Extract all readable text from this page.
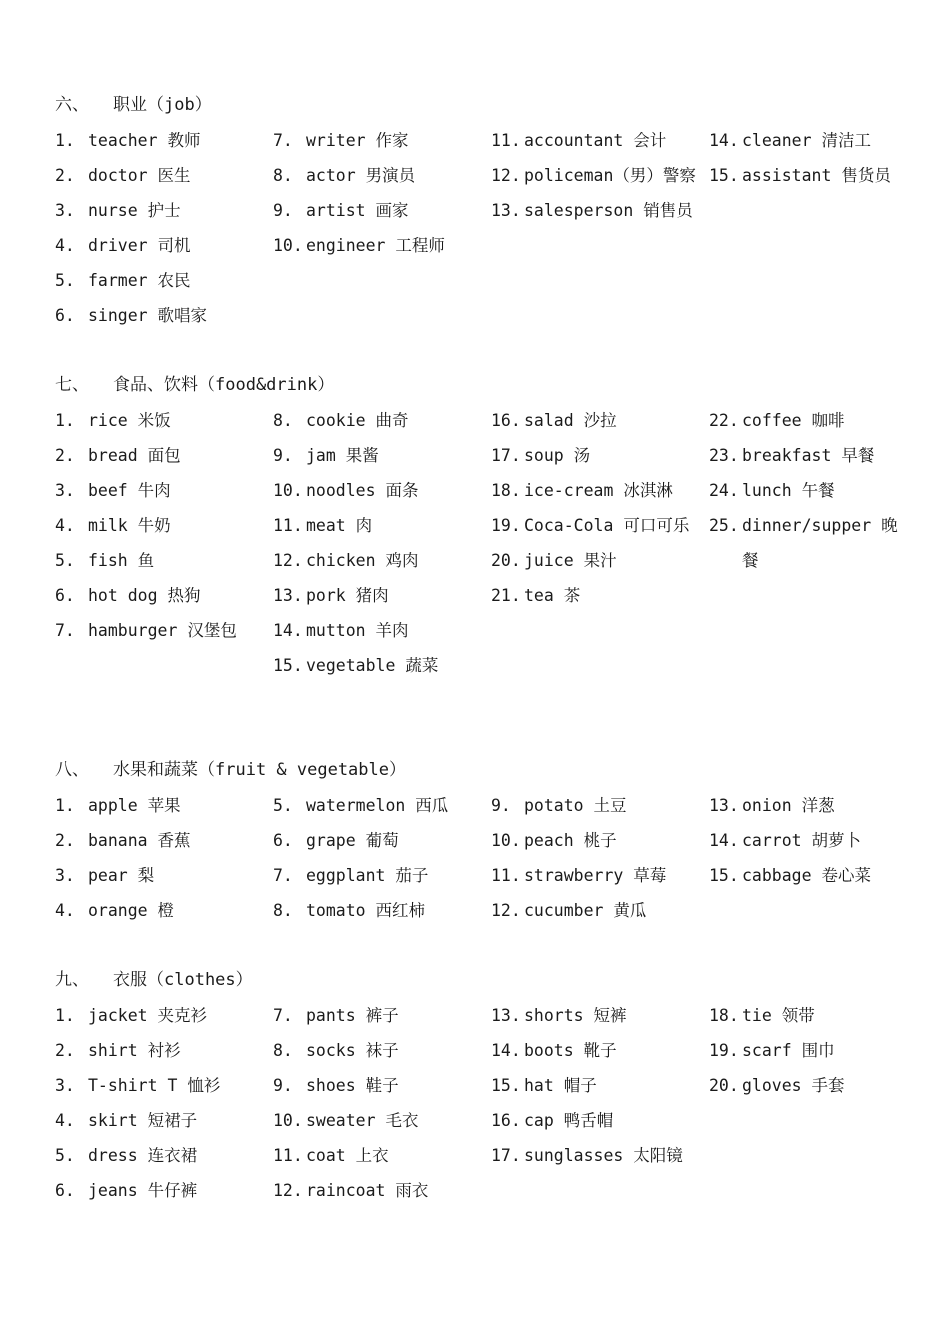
六、 职业（job）
1. teacher 教师
2. doctor 医生
3. nurse 护士
4. driver 司机
5. farmer 农民
6. singer 歌唱家
7. writer 作家
8. actor 男演员
9. artist 画家
10. engineer 工程师
11. accountant 会计
12. policeman（男）警察
13. salesperson 销售员
14. cleaner 清洁工
15. assistant 售货员
七、 食品、饮料（food&drink）
1. rice 米饭
2. bread 面包
3. beef 牛肉
4. milk 牛奶
5. fish 鱼
6. hot dog 热狗
7. hamburger 汉堡包
8. cookie 曲奇
9. jam 果酱
10. noodles 面条
11. meat 肉
12. chicken 鸡肉
13. pork 猪肉
14. mutton 羊肉
15. vegetable 蔬菜
16. salad 沙拉
17. soup 汤
18. ice-cream 冰淇淋
19. Coca-Cola 可口可乐
20. juice 果汁
21. tea 茶
22. coffee 咖啡
23. breakfast 早餐
24. lunch 午餐
25. dinner/supper 晚餐
八、 水果和蔬菜（fruit & vegetable）
1. apple 苹果
2. banana 香蕉
3. pear 梨
4. orange 橙
5. watermelon 西瓜
6. grape 葡萄
7. eggplant 茄子
8. tomato 西红柿
9. potato 土豆
10. peach 桃子
11. strawberry 草莓
12. cucumber 黄瓜
13. onion 洋葱
14. carrot 胡萝卜
15. cabbage 卷心菜
九、 衣服（clothes）
1. jacket 夹克衫
2. shirt 衬衫
3. T-shirt T 恤衫
4. skirt 短裙子
5. dress 连衣裙
6. jeans 牛仔裤
7. pants 裤子
8. socks 袜子
9. shoes 鞋子
10. sweater 毛衣
11. coat 上衣
12. raincoat 雨衣
13. shorts 短裤
14. boots 靴子
15. hat 帽子
16. cap 鸭舌帽
17. sunglasses 太阳镜
18. tie 领带
19. scarf 围巾
20. gloves 手套
